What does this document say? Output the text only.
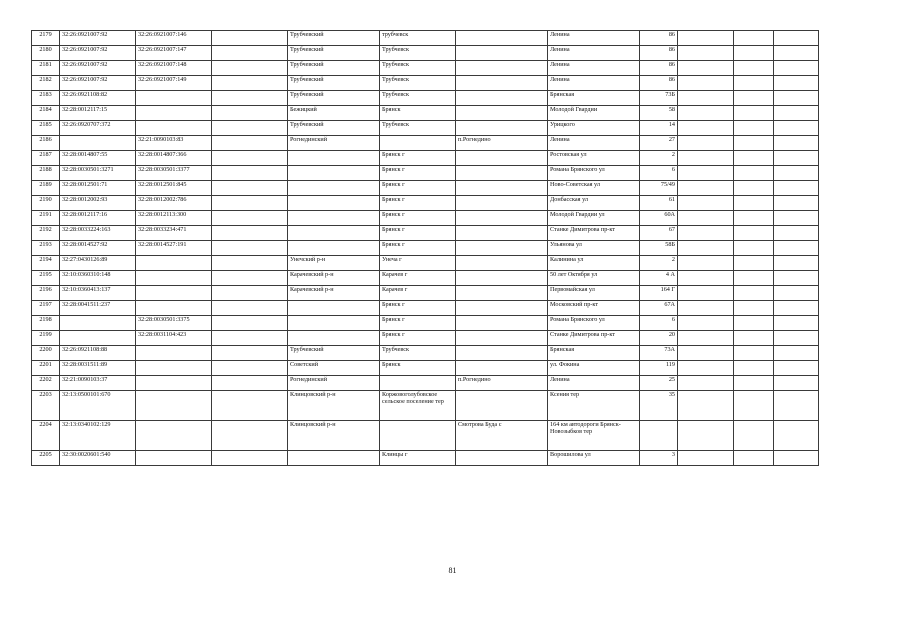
2179	32:26:0921007:92	32:26:0921007:146		Трубчевский	трубчевск		Ленина	86			
2180	32:26:0921007:92	32:26:0921007:147		Трубчевский	Трубчевск		Ленина	86			
2181	32:26:0921007:92	32:26:0921007:148		Трубчевский	Трубчевск		Ленина	86			
2182	32:26:0921007:92	32:26:0921007:149		Трубчевский	Трубчевск		Ленина	86			
2183	32:26:0921108:82			Трубчевский	Трубчевск		Брянская	73Б			
2184	32:28:0012117:15			Бежицкий	Брянск		Молодой Гвардии	58			
2185	32:26:0920707:372			Трубчевский	Трубчевск		Урицкого	14			
2186		32:21:0090103:83		Рогнединский		п.Рогнедино	Ленина	27			
2187	32:28:0014807:55	32:28:0014807:366			Брянск г		Ростовская ул	2			
2188	32:28:0030501:3271	32:28:0030501:3377			Брянск г		Романа Брянского ул	6			
2189	32:28:0012501:71	32:28:0012501:845			Брянск г		Ново-Советская ул	75/49			
2190	32:28:0012002:93	32:28:0012002:786			Брянск г		Донбасская ул	61			
2191	32:28:0012117:16	32:28:0012113:300			Брянск г		Молодой Гвардии ул	60А			
2192	32:28:0033224:163	32:28:0033234:471			Брянск г		Станке Димитрова пр-кт	67			
2193	32:28:0014527:92	32:28:0014527:191			Брянск г		Ульянова ул	58Б			
2194	32:27:0430126:89			Унечский р-н	Унеча г		Калинина ул	2			
2195	32:10:0360310:148			Карачевский р-н	Карачев г		50 лет Октября ул	4 А			
2196	32:10:0360413:137			Карачевский р-н	Карачев г		Первомайская ул	164 Г			
2197	32:28:0041511:237				Брянск г		Московский пр-кт	67А			
2198		32:28:0030501:3375			Брянск г		Романа Брянского ул	6			
2199		32:28:0031104:423			Брянск г		Станке Димитрова пр-кт	20			
2200	32:26:0921108:88			Трубчевский	Трубчевск		Брянская	73А			
2201	32:28:0031511:89			Советский	Брянск		ул. Фокина	119			
2202	32:21:0090103:37			Рогнединский		п.Рогнедино	Ленина	25			
2203	32:13:0500101:670			Клинцовский р-н	Коржовоголубовское сельское поселение тер		Ксения тер	35			
2204	32:13:0340102:129			Клинцовский р-н		Смотрова Буда с	164 км автодороги Брянск-Новозыбков тер				
2205	32:30:0020601:540				Клинцы г		Ворошилова ул	3			
81
